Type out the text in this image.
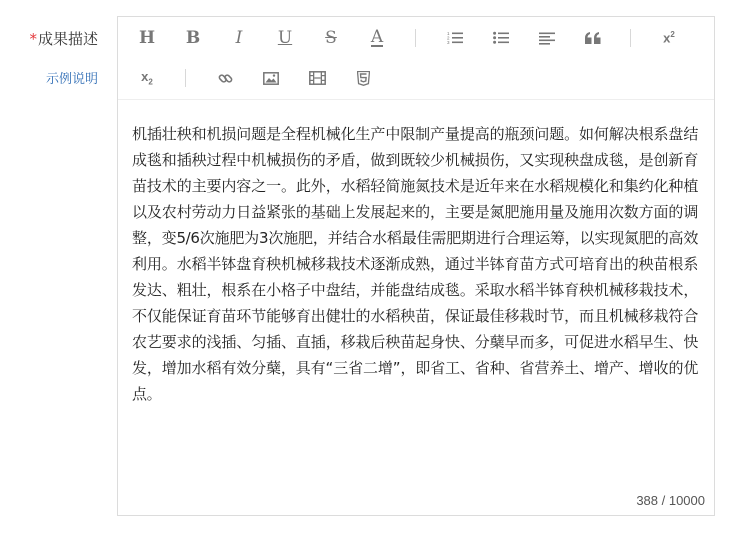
*成果描述
示例说明
H B I U S A	1
2
3	$x^2$
$x_2$
机插壮秧和机损问题是全程机械化生产中限制产量提高的瓶颈问题。如何解决根系盘结成毯和插秧过程中机械损伤的矛盾，做到既较少机械损伤，又实现秧盘成毯，是创新育苗技术的主要内容之一。此外，水稻轻简施氮技术是近年来在水稻规模化和集约化种植以及农村劳动力日益紧张的基础上发展起来的，主要是氮肥施用量及施用次数方面的调整，变5/6次施肥为3次施肥，并结合水稻最佳需肥期进行合理运筹，以实现氮肥的高效利用。水稻半钵盘育秧机械移栽技术逐渐成熟，通过半钵育苗方式可培育出的秧苗根系发达、粗壮，根系在小格子中盘结，并能盘结成毯。采取水稻半钵育秧机械移栽技术，不仅能保证育苗环节能够育出健壮的水稻秧苗，保证最佳移栽时节，而且机械移栽符合农艺要求的浅插、匀插、直插，移栽后秧苗起身快、分蘖早而多，可促进水稻早生、快发，增加水稻有效分蘖，具有“三省二增”，即省工、省种、省营养土、增产、增收的优点。
388 / 10000
